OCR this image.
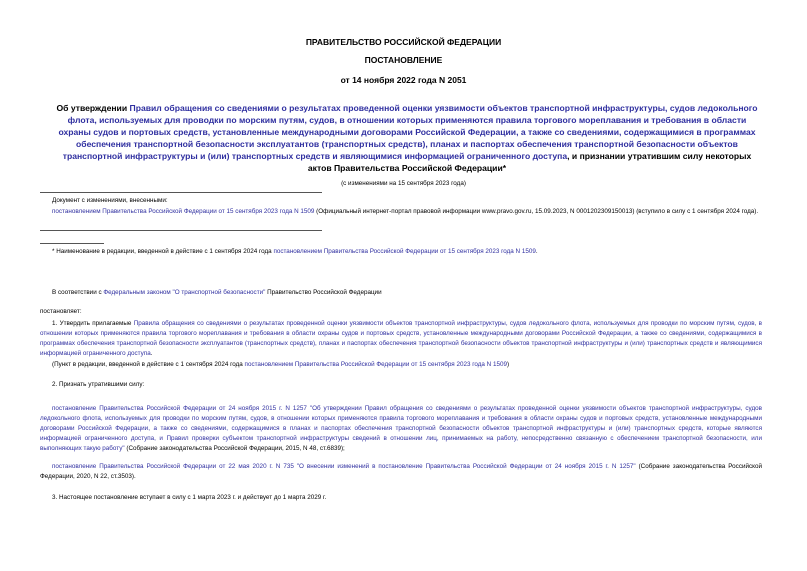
ПРАВИТЕЛЬСТВО РОССИЙСКОЙ ФЕДЕРАЦИИ
ПОСТАНОВЛЕНИЕ
от 14 ноября 2022 года N 2051
Об утверждении Правил обращения со сведениями о результатах проведенной оценки уязвимости объектов транспортной инфраструктуры, судов ледокольного флота, используемых для проводки по морским путям, судов, в отношении которых применяются правила торгового мореплавания и требования в области охраны судов и портовых средств, установленные международными договорами Российской Федерации, а также со сведениями, содержащимися в программах обеспечения транспортной безопасности эксплуатантов (транспортных средств), планах и паспортах обеспечения транспортной безопасности объектов транспортной инфраструктуры и (или) транспортных средств и являющимися информацией ограниченного доступа, и признании утратившим силу некоторых актов Правительства Российской Федерации*
(с изменениями на 15 сентября 2023 года)
Документ с изменениями, внесенными:
постановлением Правительства Российской Федерации от 15 сентября 2023 года N 1509 (Официальный интернет-портал правовой информации www.pravo.gov.ru, 15.09.2023, N 0001202309150013) (вступило в силу с 1 сентября 2024 года).
* Наименование в редакции, введенной в действие с 1 сентября 2024 года постановлением Правительства Российской Федерации от 15 сентября 2023 года N 1509.
В соответствии с Федеральным законом "О транспортной безопасности" Правительство Российской Федерации
постановляет:
1. Утвердить прилагаемые Правила обращения со сведениями о результатах проведенной оценки уязвимости объектов транспортной инфраструктуры, судов ледокольного флота, используемых для проводки по морским путям, судов, в отношении которых применяются правила торгового мореплавания и требования в области охраны судов и портовых средств, установленные международными договорами Российской Федерации, а также со сведениями, содержащимися в программах обеспечения транспортной безопасности эксплуатантов (транспортных средств), планах и паспортах обеспечения транспортной безопасности объектов транспортной инфраструктуры и (или) транспортных средств и являющимися информацией ограниченного доступа.
(Пункт в редакции, введенной в действие с 1 сентября 2024 года постановлением Правительства Российской Федерации от 15 сентября 2023 года N 1509)
2. Признать утратившими силу:
постановление Правительства Российской Федерации от 24 ноября 2015 г. N 1257 "Об утверждении Правил обращения со сведениями о результатах проведенной оценки уязвимости объектов транспортной инфраструктуры, судов ледокольного флота, используемых для проводки по морским путям, судов, в отношении которых применяются правила торгового мореплавания и требования в области охраны судов и портовых средств, установленные международными договорами Российской Федерации, а также со сведениями, содержащимися в планах и паспортах обеспечения транспортной безопасности объектов транспортной инфраструктуры и (или) транспортных средств, которые являются информацией ограниченного доступа, и Правил проверки субъектом транспортной инфраструктуры сведений в отношении лиц, принимаемых на работу, непосредственно связанную с обеспечением транспортной безопасности, или выполняющих такую работу" (Собрание законодательства Российской Федерации, 2015, N 48, ст.6839);
постановление Правительства Российской Федерации от 22 мая 2020 г. N 735 "О внесении изменений в постановление Правительства Российской Федерации от 24 ноября 2015 г. N 1257" (Собрание законодательства Российской Федерации, 2020, N 22, ст.3503).
3. Настоящее постановление вступает в силу с 1 марта 2023 г. и действует до 1 марта 2029 г.
